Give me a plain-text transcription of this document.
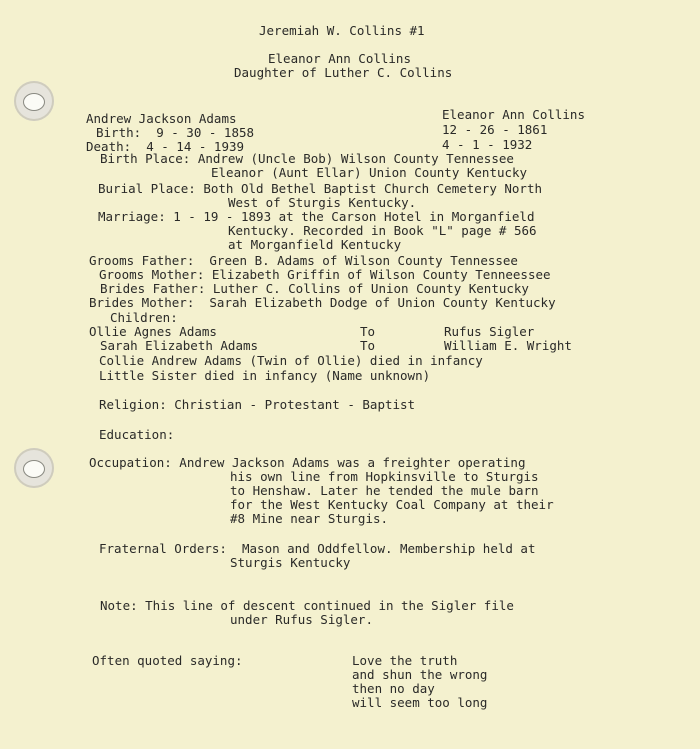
Jeremiah W. Collins #1
Eleanor Ann Collins
Daughter of Luther C. Collins
Andrew Jackson Adams
Birth:  9 - 30 - 1858
Death:  4 - 14 - 1939
Eleanor Ann Collins
12 - 26 - 1861
4 - 1 - 1932
Birth Place: Andrew (Uncle Bob) Wilson County Tennessee
Eleanor (Aunt Ellar) Union County Kentucky
Burial Place: Both Old Bethel Baptist Church Cemetery North
West of Sturgis Kentucky.
Marriage: 1 - 19 - 1893 at the Carson Hotel in Morganfield
Kentucky. Recorded in Book "L" page # 566
at Morganfield Kentucky
Grooms Father:  Green B. Adams of Wilson County Tennessee
Grooms Mother: Elizabeth Griffin of Wilson County Tenneessee
Brides Father: Luther C. Collins of Union County Kentucky
Brides Mother:  Sarah Elizabeth Dodge of Union County Kentucky
Children:
Ollie Agnes Adams	To	Rufus Sigler
Sarah Elizabeth Adams	To	William E. Wright
Collie Andrew Adams (Twin of Ollie) died in infancy
Little Sister died in infancy (Name unknown)
Religion: Christian - Protestant - Baptist
Education:
Occupation: Andrew Jackson Adams was a freighter operating
his own line from Hopkinsville to Sturgis
to Henshaw. Later he tended the mule barn
for the West Kentucky Coal Company at their
#8 Mine near Sturgis.
Fraternal Orders:  Mason and Oddfellow. Membership held at
Sturgis Kentucky
Note: This line of descent continued in the Sigler file
under Rufus Sigler.
Often quoted saying:	Love the truth
and shun the wrong
then no day
will seem too long
